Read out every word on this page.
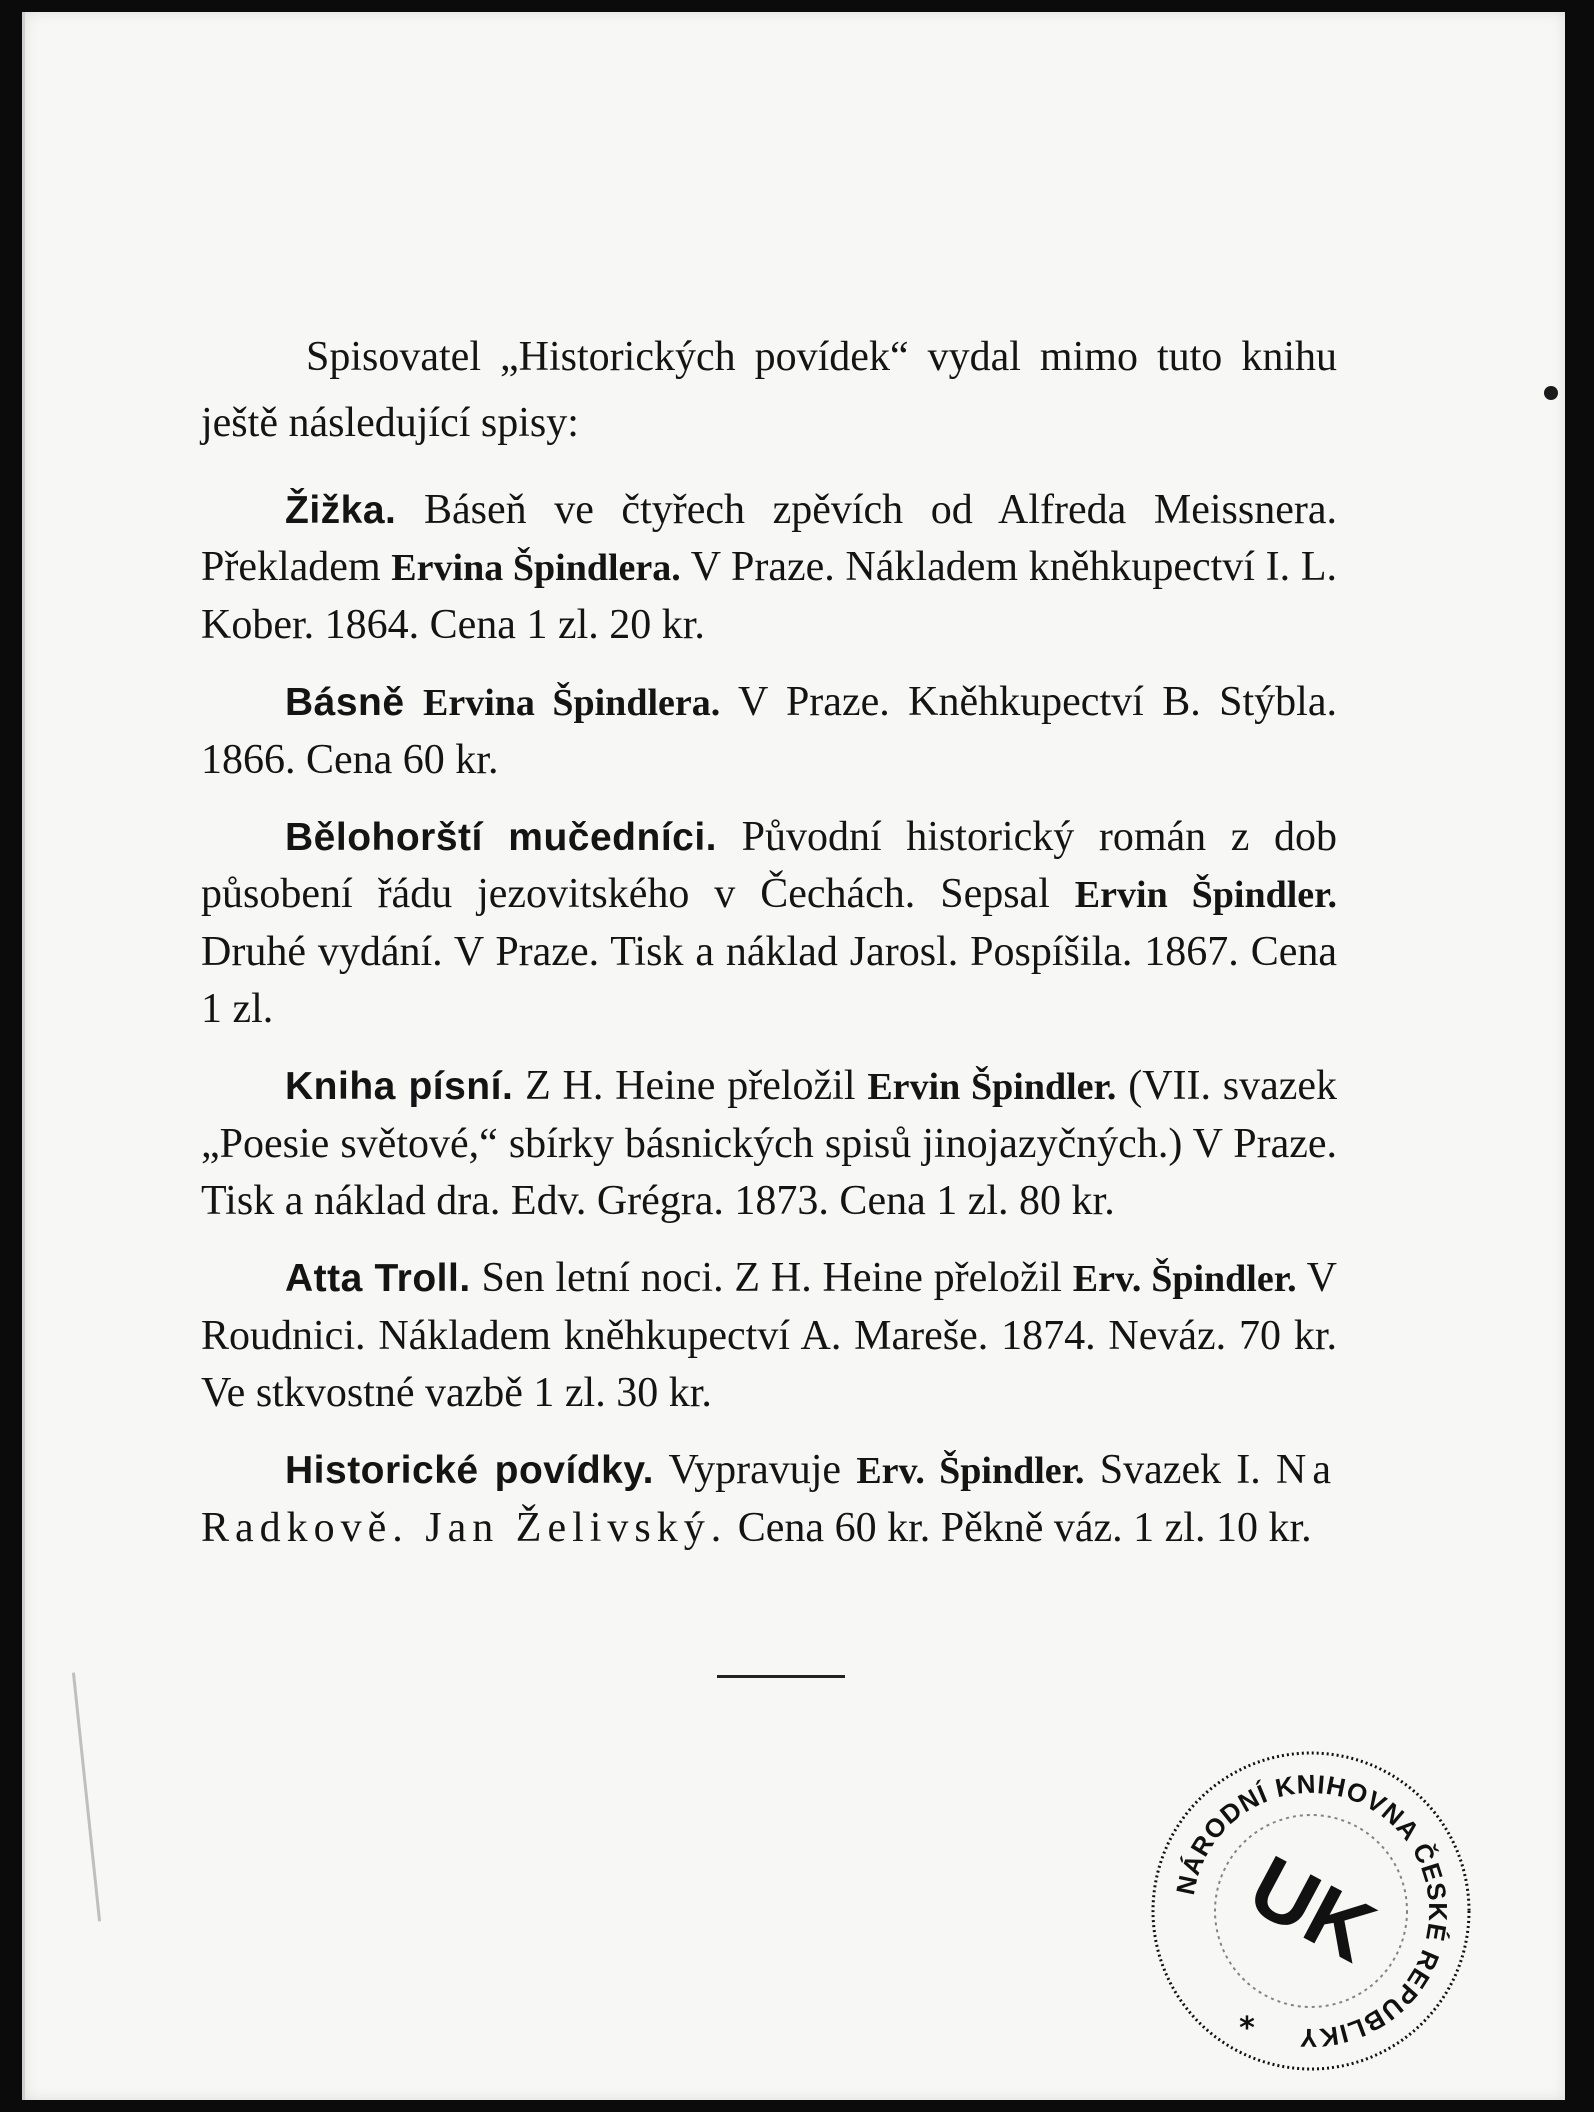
Spisovatel „Historických povídek“ vydal mimo tuto knihu ještě následující spisy:

Žižka. Báseň ve čtyřech zpěvích od Alfreda Meissnera. Překladem Ervina Špindlera. V Praze. Nákladem kněhkupectví I. L. Kober. 1864. Cena 1 zl. 20 kr.

Básně Ervina Špindlera. V Praze. Kněhkupectví B. Stýbla. 1866. Cena 60 kr.

Bělohorští mučedníci. Původní historický román z dob působení řádu jezovitského v Čechách. Sepsal Ervin Špindler. Druhé vydání. V Praze. Tisk a náklad Jarosl. Pospíšila. 1867. Cena 1 zl.

Kniha písní. Z H. Heine přeložil Ervin Špindler. (VII. svazek „Poesie světové,“ sbírky básnických spisů jinojazyčných.) V Praze. Tisk a náklad dra. Edv. Grégra. 1873. Cena 1 zl. 80 kr.

Atta Troll. Sen letní noci. Z H. Heine přeložil Erv. Špindler. V Roudnici. Nákladem kněhkupectví A. Mareše. 1874. Neváz. 70 kr. Ve stkvostné vazbě 1 zl. 30 kr.

Historické povídky. Vypravuje Erv. Špindler. Svazek I. Na Radkově. Jan Želivský. Cena 60 kr. Pěkně váz. 1 zl. 10 kr.

NÁRODNÍ KNIHOVNA ČESKÉ REPUBLIKY
UK
*
